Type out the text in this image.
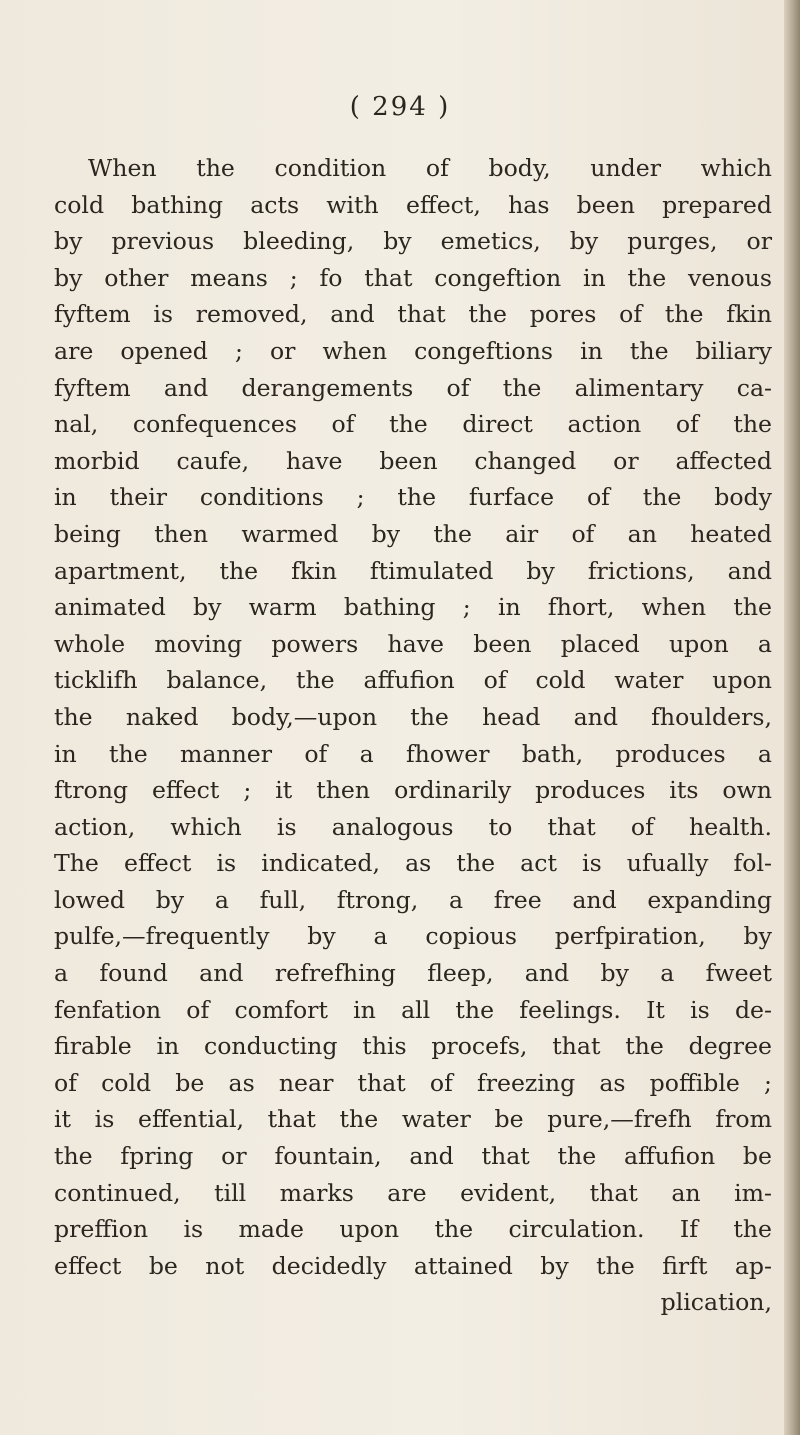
( 294 )
When the condition of body, under which
cold bathing acts with effect, has been prepared
by previous bleeding, by emetics, by purges, or
by other means ; fo that congeftion in the venous
fyftem is removed, and that the pores of the fkin
are opened ; or when congeftions in the biliary
fyftem and derangements of the alimentary ca-
nal, confequences of the direct action of the
morbid caufe, have been changed or affected
in their conditions ; the furface of the body
being then warmed by the air of an heated
apartment, the fkin ftimulated by frictions, and
animated by warm bathing ; in fhort, when the
whole moving powers have been placed upon a
ticklifh balance, the affufion of cold water upon
the naked body,—upon the head and fhoulders,
in the manner of a fhower bath, produces a
ftrong effect ; it then ordinarily produces its own
action, which is analogous to that of health.
The effect is indicated, as the act is ufually fol-
lowed by a full, ftrong, a free and expanding
pulfe,—frequently by a copious perfpiration, by
a found and refrefhing fleep, and by a fweet
fenfation of comfort in all the feelings. It is de-
firable in conducting this procefs, that the degree
of cold be as near that of freezing as poffible ;
it is effential, that the water be pure,—frefh from
the fpring or fountain, and that the affufion be
continued, till marks are evident, that an im-
preffion is made upon the circulation. If the
effect be not decidedly attained by the firft ap-
plication,
